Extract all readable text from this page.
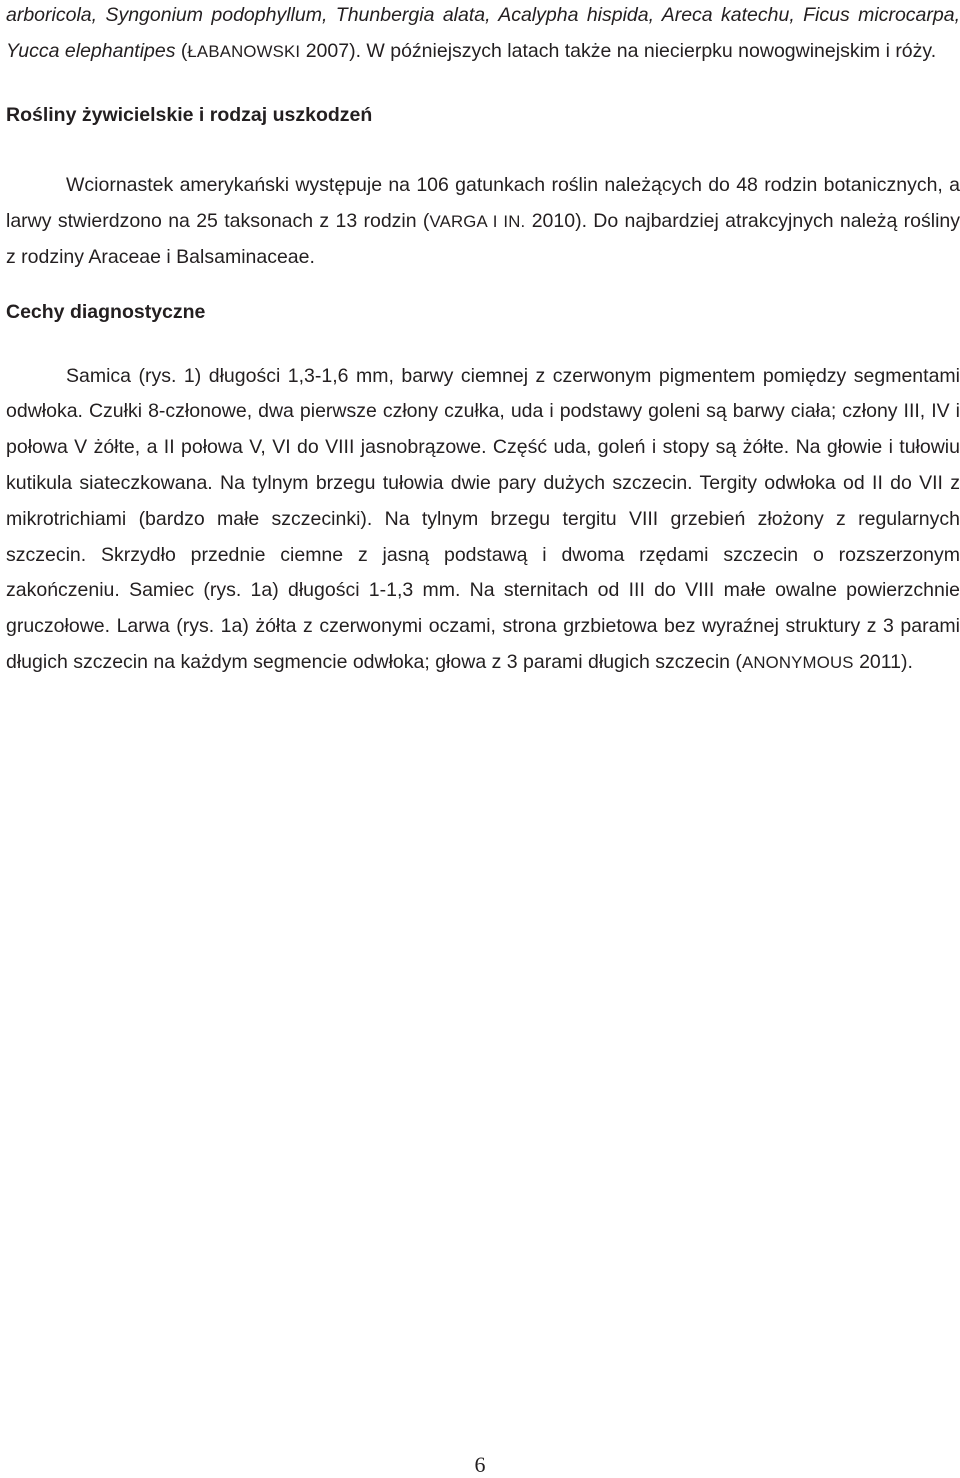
arboricola, Syngonium podophyllum, Thunbergia alata, Acalypha hispida, Areca katechu, Ficus microcarpa, Yucca elephantipes (ŁABANOWSKI 2007). W późniejszych latach także na niecierpku nowogwinejskim i róży.

Rośliny żywicielskie i rodzaj uszkodzeń

Wciornastek amerykański występuje na 106 gatunkach roślin należących do 48 rodzin botanicznych, a larwy stwierdzono na 25 taksonach z 13 rodzin (VARGA I IN. 2010). Do najbardziej atrakcyjnych należą rośliny z rodziny Araceae i Balsaminaceae.

Cechy diagnostyczne

Samica (rys. 1) długości 1,3-1,6 mm, barwy ciemnej z czerwonym pigmentem pomiędzy segmentami odwłoka. Czułki 8-członowe, dwa pierwsze człony czułka, uda i podstawy goleni są barwy ciała; człony III, IV i połowa V żółte, a II połowa V, VI do VIII jasnobrązowe. Część uda, goleń i stopy są żółte. Na głowie i tułowiu kutikula siateczkowana. Na tylnym brzegu tułowia dwie pary dużych szczecin. Tergity odwłoka od II do VII z mikrotrichiami (bardzo małe szczecinki). Na tylnym brzegu tergitu VIII grzebień złożony z regularnych szczecin. Skrzydło przednie ciemne z jasną podstawą i dwoma rzędami szczecin o rozszerzonym zakończeniu. Samiec (rys. 1a) długości 1-1,3 mm. Na sternitach od III do VIII małe owalne powierzchnie gruczołowe. Larwa (rys. 1a) żółta z czerwonymi oczami, strona grzbietowa bez wyraźnej struktury z 3 parami długich szczecin na każdym segmencie odwłoka; głowa z 3 parami długich szczecin (ANONYMOUS 2011).

6
